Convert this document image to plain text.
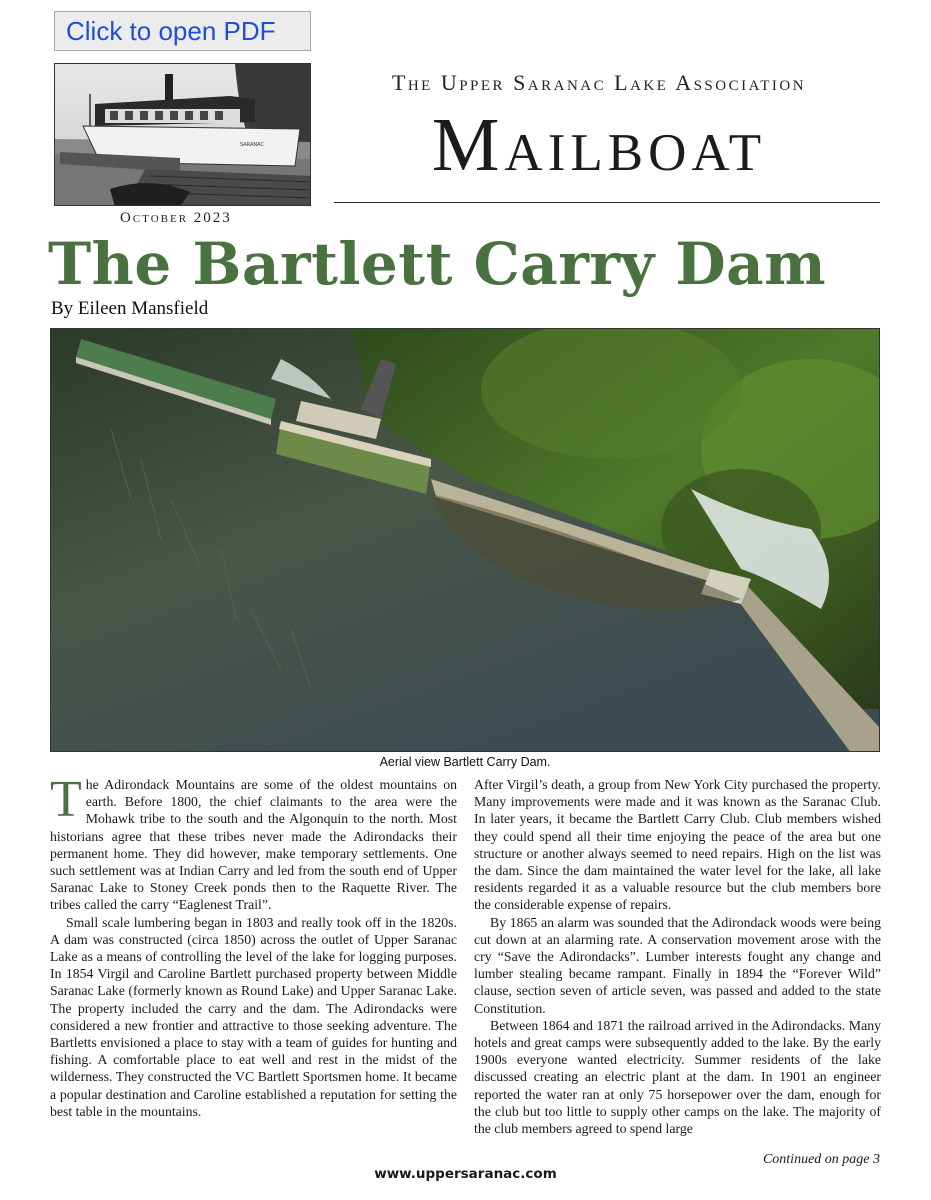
Click to open PDF
SARANAC
The Upper Saranac Lake Association
Mailboat
October 2023
The Bartlett Carry Dam
By Eileen Mansfield
Aerial view Bartlett Carry Dam.

The Adirondack Mountains are some of the oldest mountains on earth. Before 1800, the chief claimants to the area were the Mohawk tribe to the south and the Algonquin to the north. Most historians agree that these tribes never made the Adirondacks their permanent home. They did however, make temporary settlements. One such settlement was at Indian Carry and led from the south end of Upper Saranac Lake to Stoney Creek ponds then to the Raquette River. The tribes called the carry “Eaglenest Trail”.

Small scale lumbering began in 1803 and really took off in the 1820s. A dam was constructed (circa 1850) across the outlet of Upper Saranac Lake as a means of controlling the level of the lake for logging purposes. In 1854 Virgil and Caroline Bartlett purchased property between Middle Saranac Lake (formerly known as Round Lake) and Upper Saranac Lake. The property included the carry and the dam. The Adirondacks were considered a new frontier and attractive to those seeking adventure. The Bartletts envisioned a place to stay with a team of guides for hunting and fishing. A comfortable place to eat well and rest in the midst of the wilderness. They constructed the VC Bartlett Sportsmen home. It became a popular destination and Caroline established a reputation for setting the best table in the mountains.

After Virgil’s death, a group from New York City purchased the property. Many improvements were made and it was known as the Saranac Club. In later years, it became the Bartlett Carry Club. Club members wished they could spend all their time enjoying the peace of the area but one structure or another always seemed to need repairs. High on the list was the dam. Since the dam maintained the water level for the lake, all lake residents regarded it as a valuable resource but the club members bore the considerable expense of repairs.

By 1865 an alarm was sounded that the Adirondack woods were being cut down at an alarming rate. A conservation movement arose with the cry “Save the Adirondacks”. Lumber interests fought any change and lumber stealing became rampant. Finally in 1894 the “Forever Wild” clause, section seven of article seven, was passed and added to the state Constitution.

Between 1864 and 1871 the railroad arrived in the Adirondacks. Many hotels and great camps were subsequently added to the lake. By the early 1900s everyone wanted electricity. Summer residents of the lake discussed creating an electric plant at the dam. In 1901 an engineer reported the water ran at only 75 horsepower over the dam, enough for the club but too little to supply other camps on the lake. The majority of the club members agreed to spend large

Continued on page 3
www.uppersaranac.com
